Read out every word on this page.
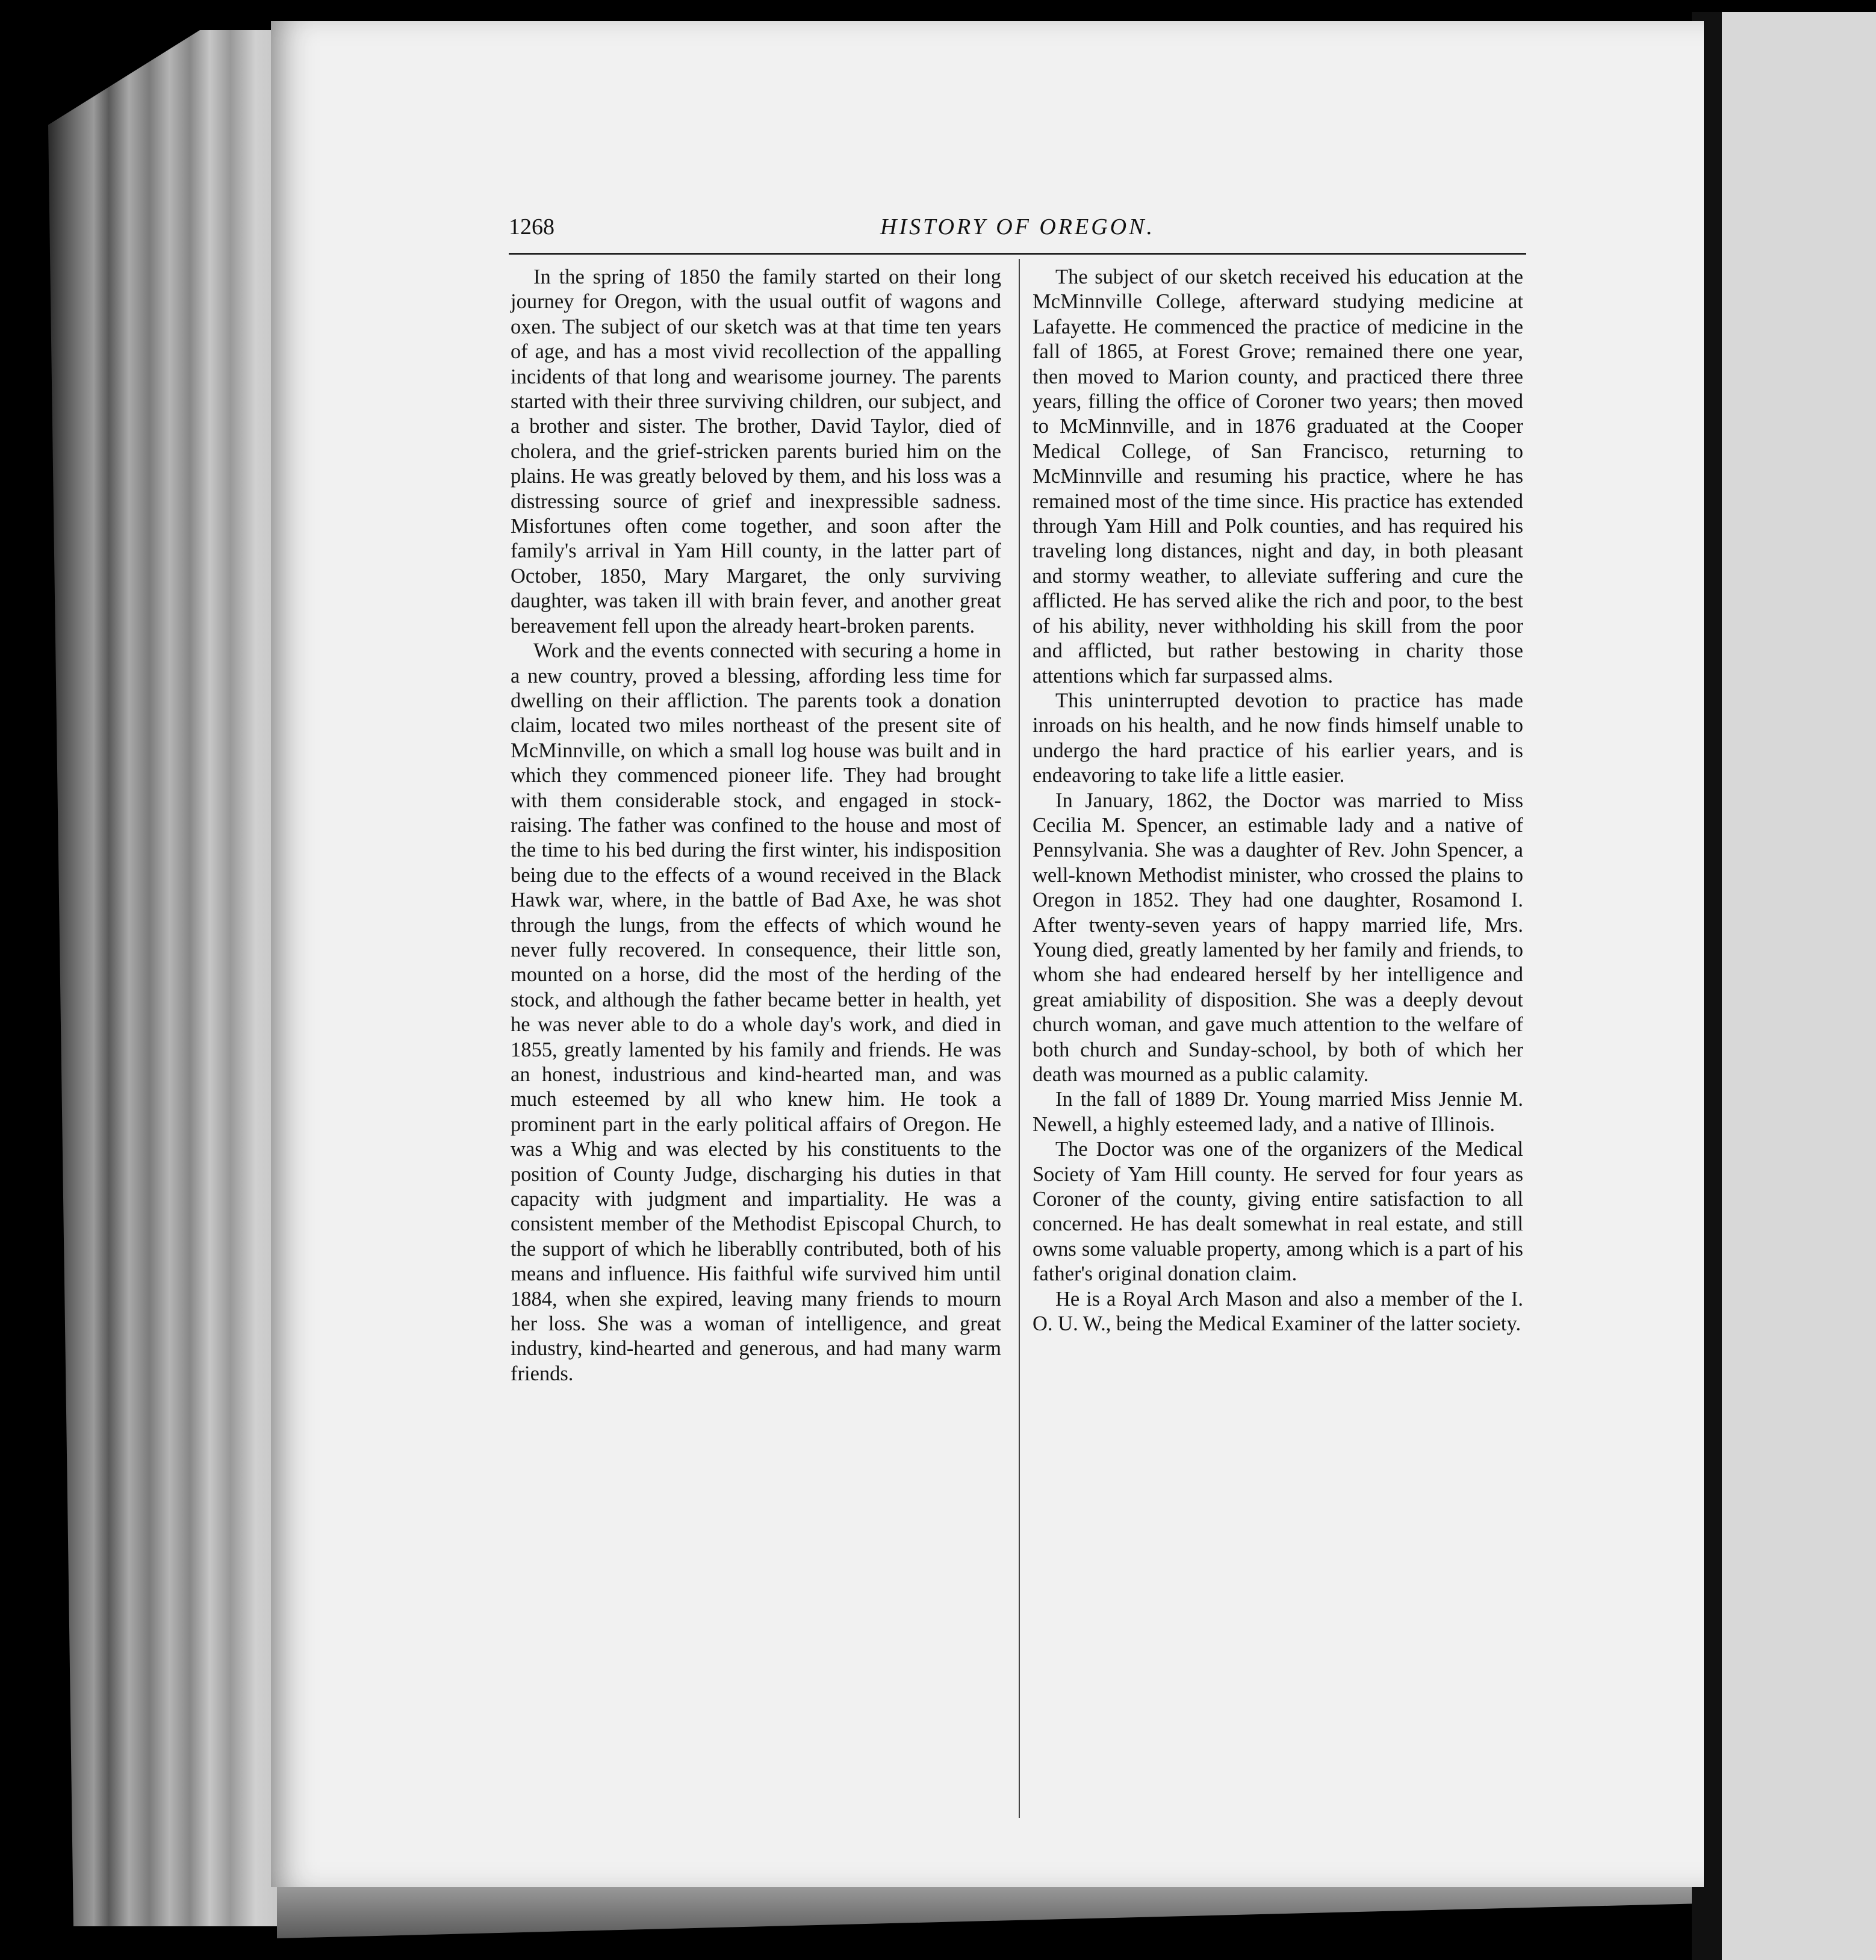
1268	HISTORY OF OREGON.

In the spring of 1850 the family started on their long journey for Oregon, with the usual outfit of wagons and oxen. The subject of our sketch was at that time ten years of age, and has a most vivid recollection of the appalling incidents of that long and wearisome journey. The parents started with their three surviving children, our subject, and a brother and sister. The brother, David Taylor, died of cholera, and the grief-stricken parents buried him on the plains. He was greatly beloved by them, and his loss was a distressing source of grief and inexpressible sadness. Misfortunes often come together, and soon after the family's arrival in Yam Hill county, in the latter part of October, 1850, Mary Margaret, the only surviving daughter, was taken ill with brain fever, and another great bereavement fell upon the already heart-broken parents.

Work and the events connected with securing a home in a new country, proved a blessing, affording less time for dwelling on their affliction. The parents took a donation claim, located two miles northeast of the present site of McMinnville, on which a small log house was built and in which they commenced pioneer life. They had brought with them considerable stock, and engaged in stock-raising. The father was confined to the house and most of the time to his bed during the first winter, his indisposition being due to the effects of a wound received in the Black Hawk war, where, in the battle of Bad Axe, he was shot through the lungs, from the effects of which wound he never fully recovered. In consequence, their little son, mounted on a horse, did the most of the herding of the stock, and although the father became better in health, yet he was never able to do a whole day's work, and died in 1855, greatly lamented by his family and friends. He was an honest, industrious and kind-hearted man, and was much esteemed by all who knew him. He took a prominent part in the early political affairs of Oregon. He was a Whig and was elected by his constituents to the position of County Judge, discharging his duties in that capacity with judgment and impartiality. He was a consistent member of the Methodist Episcopal Church, to the support of which he liberablly contributed, both of his means and influence. His faithful wife survived him until 1884, when she expired, leaving many friends to mourn her loss. She was a woman of intelligence, and great industry, kind-hearted and generous, and had many warm friends.

The subject of our sketch received his education at the McMinnville College, afterward studying medicine at Lafayette. He commenced the practice of medicine in the fall of 1865, at Forest Grove; remained there one year, then moved to Marion county, and practiced there three years, filling the office of Coroner two years; then moved to McMinnville, and in 1876 graduated at the Cooper Medical College, of San Francisco, returning to McMinnville and resuming his practice, where he has remained most of the time since. His practice has extended through Yam Hill and Polk counties, and has required his traveling long distances, night and day, in both pleasant and stormy weather, to alleviate suffering and cure the afflicted. He has served alike the rich and poor, to the best of his ability, never withholding his skill from the poor and afflicted, but rather bestowing in charity those attentions which far surpassed alms.

This uninterrupted devotion to practice has made inroads on his health, and he now finds himself unable to undergo the hard practice of his earlier years, and is endeavoring to take life a little easier.

In January, 1862, the Doctor was married to Miss Cecilia M. Spencer, an estimable lady and a native of Pennsylvania. She was a daughter of Rev. John Spencer, a well-known Methodist minister, who crossed the plains to Oregon in 1852. They had one daughter, Rosamond I. After twenty-seven years of happy married life, Mrs. Young died, greatly lamented by her family and friends, to whom she had endeared herself by her intelligence and great amiability of disposition. She was a deeply devout church woman, and gave much attention to the welfare of both church and Sunday-school, by both of which her death was mourned as a public calamity.

In the fall of 1889 Dr. Young married Miss Jennie M. Newell, a highly esteemed lady, and a native of Illinois.

The Doctor was one of the organizers of the Medical Society of Yam Hill county. He served for four years as Coroner of the county, giving entire satisfaction to all concerned. He has dealt somewhat in real estate, and still owns some valuable property, among which is a part of his father's original donation claim.

He is a Royal Arch Mason and also a member of the I. O. U. W., being the Medical Examiner of the latter society.
